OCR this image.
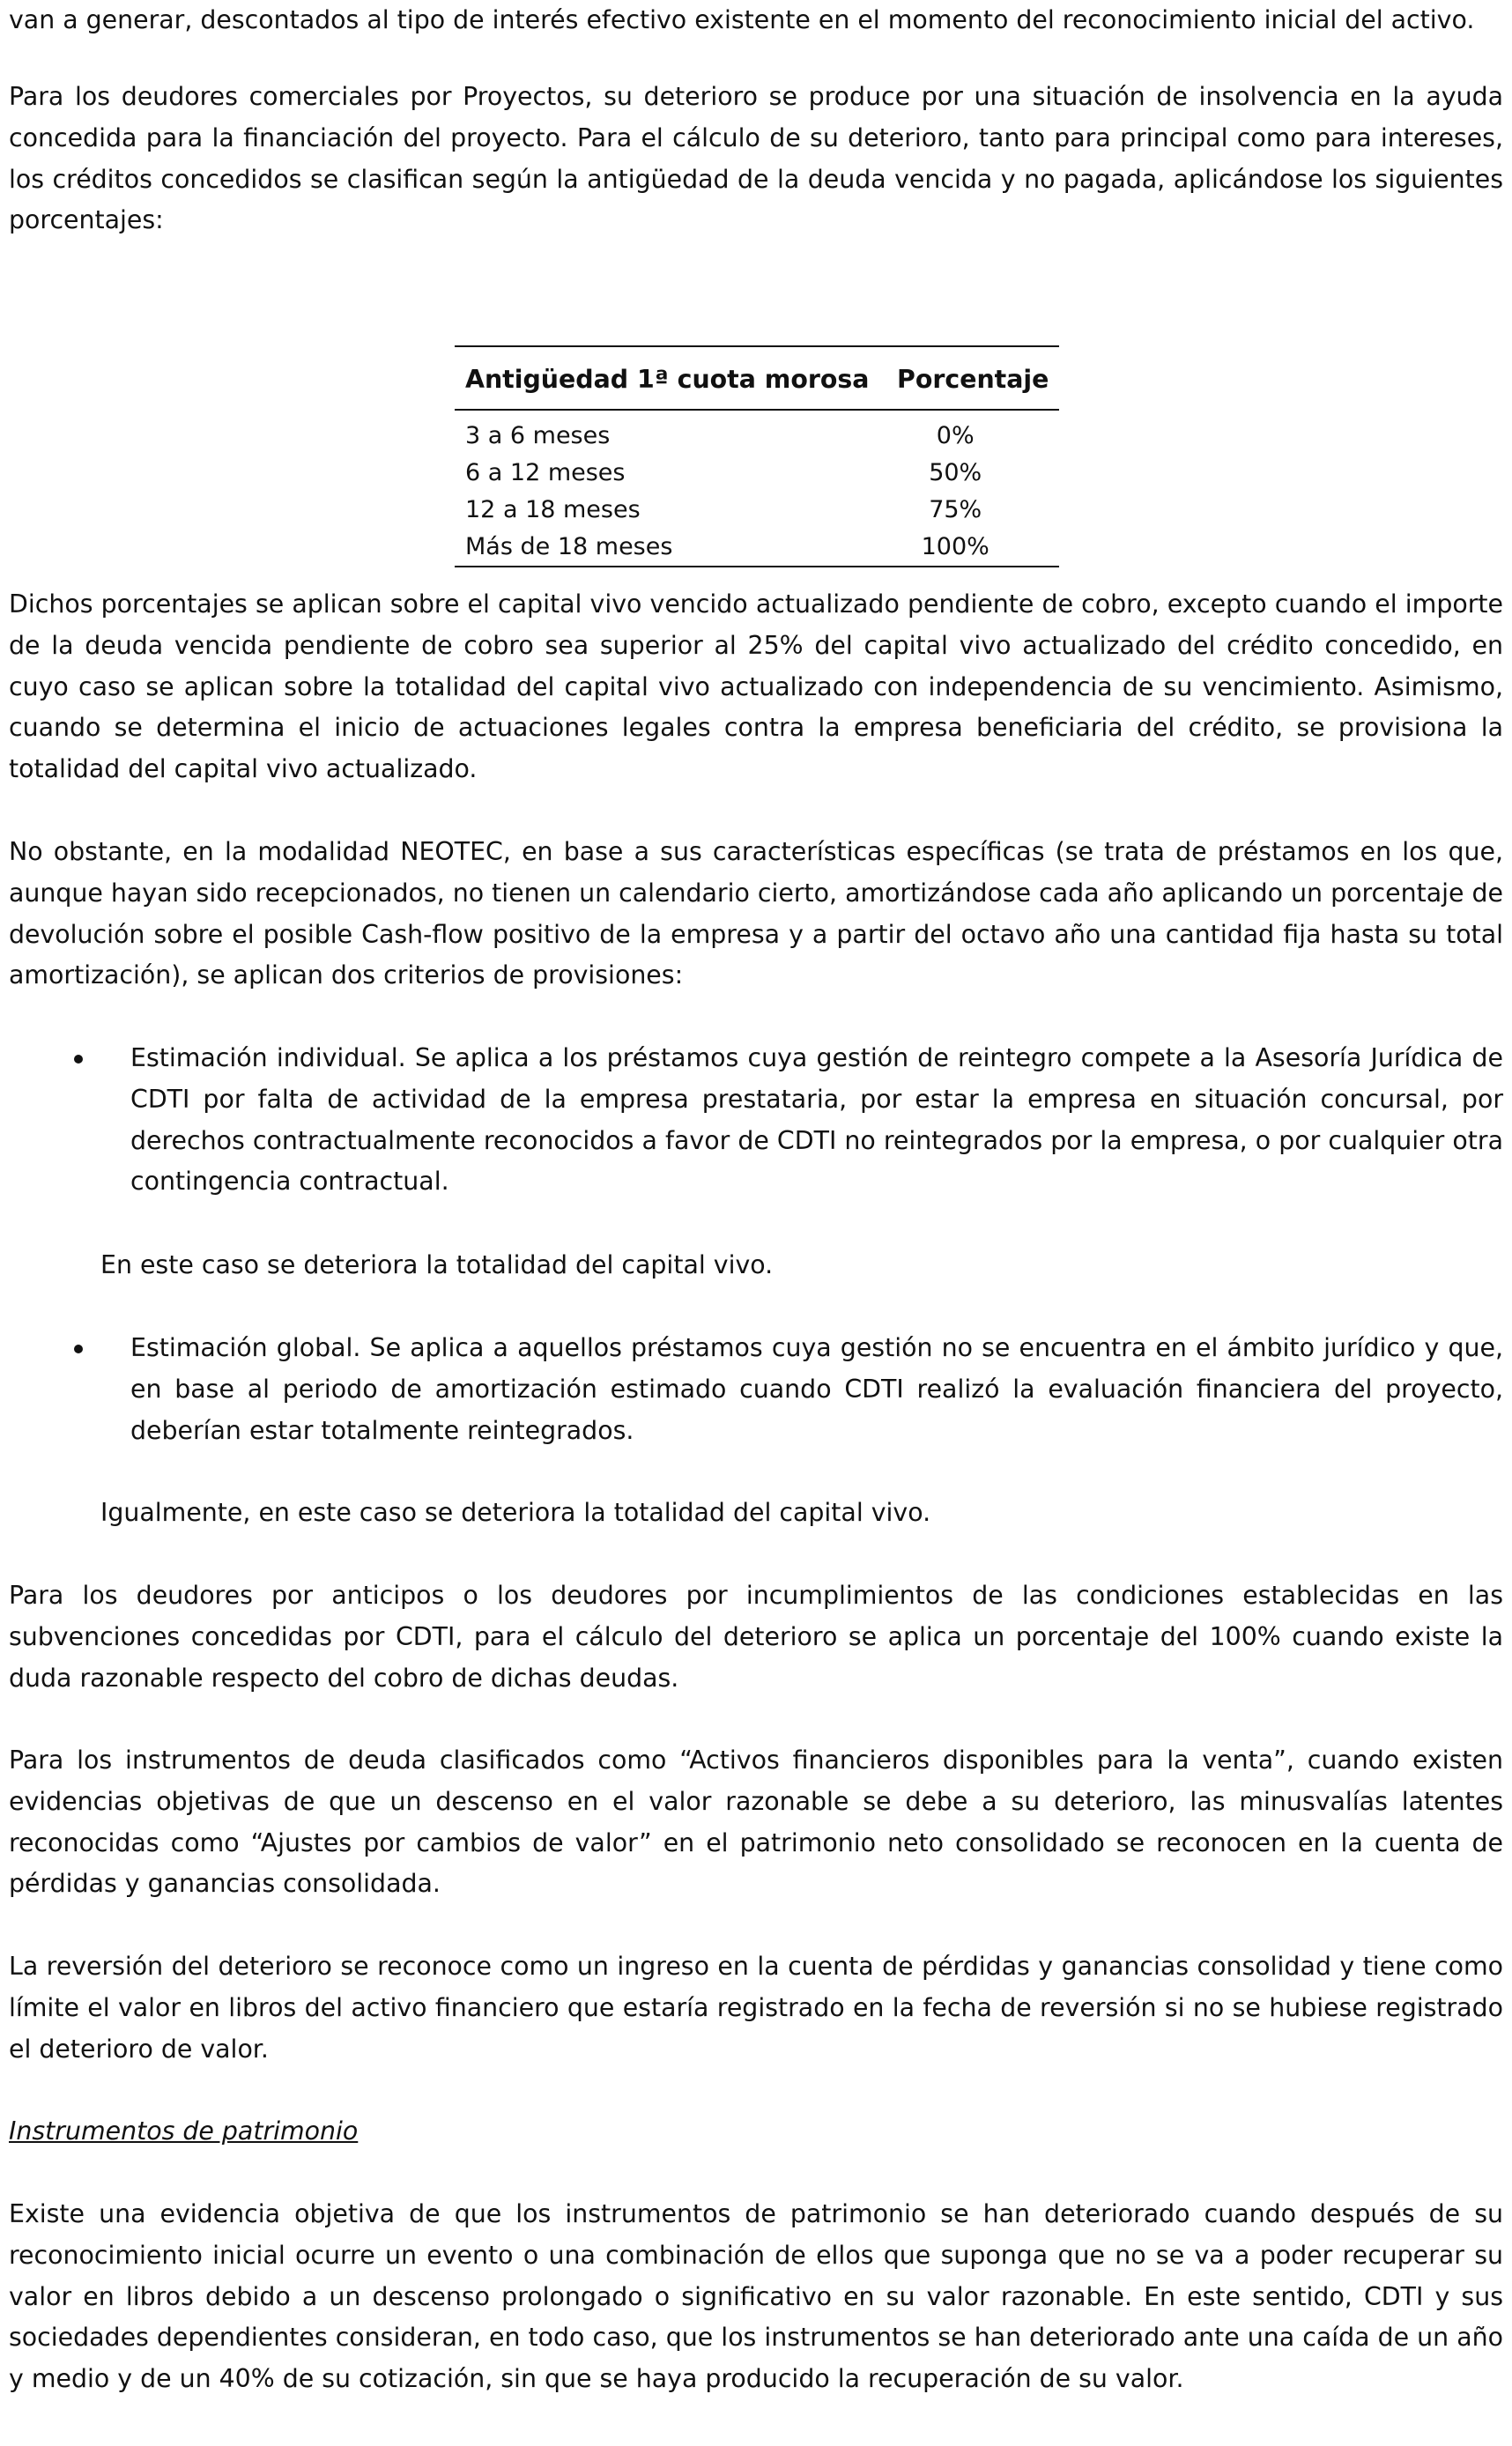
van a generar, descontados al tipo de interés efectivo existente en el momento del reconocimiento inicial del activo.

Para los deudores comerciales por Proyectos, su deterioro se produce por una situación de insolvencia en la ayuda concedida para la financiación del proyecto. Para el cálculo de su deterioro, tanto para principal como para intereses, los créditos concedidos se clasifican según la antigüedad de la deuda vencida y no pagada, aplicándose los siguientes porcentajes:

Antigüedad 1ª cuota morosa	Porcentaje
3 a 6 meses	0%
6 a 12 meses	50%
12 a 18 meses	75%
Más de 18 meses	100%

Dichos porcentajes se aplican sobre el capital vivo vencido actualizado pendiente de cobro, excepto cuando el importe de la deuda vencida pendiente de cobro sea superior al 25% del capital vivo actualizado del crédito concedido, en cuyo caso se aplican sobre la totalidad del capital vivo actualizado con independencia de su vencimiento. Asimismo, cuando se determina el inicio de actuaciones legales contra la empresa beneficiaria del crédito, se provisiona la totalidad del capital vivo actualizado.

No obstante, en la modalidad NEOTEC, en base a sus características específicas (se trata de préstamos en los que, aunque hayan sido recepcionados, no tienen un calendario cierto, amortizándose cada año aplicando un porcentaje de devolución sobre el posible Cash-flow positivo de la empresa y a partir del octavo año una cantidad fija hasta su total amortización), se aplican dos criterios de provisiones:

Estimación individual. Se aplica a los préstamos cuya gestión de reintegro compete a la Asesoría Jurídica de CDTI por falta de actividad de la empresa prestataria, por estar la empresa en situación concursal, por derechos contractualmente reconocidos a favor de CDTI no reintegrados por la empresa, o por cualquier otra contingencia contractual.

En este caso se deteriora la totalidad del capital vivo.

Estimación global. Se aplica a aquellos préstamos cuya gestión no se encuentra en el ámbito jurídico y que, en base al periodo de amortización estimado cuando CDTI realizó la evaluación financiera del proyecto, deberían estar totalmente reintegrados.

Igualmente, en este caso se deteriora la totalidad del capital vivo.

Para los deudores por anticipos o los deudores por incumplimientos de las condiciones establecidas en las subvenciones concedidas por CDTI, para el cálculo del deterioro se aplica un porcentaje del 100% cuando existe la duda razonable respecto del cobro de dichas deudas.

Para los instrumentos de deuda clasificados como “Activos financieros disponibles para la venta”, cuando existen evidencias objetivas de que un descenso en el valor razonable se debe a su deterioro, las minusvalías latentes reconocidas como “Ajustes por cambios de valor” en el patrimonio neto consolidado se reconocen en la cuenta de pérdidas y ganancias consolidada.

La reversión del deterioro se reconoce como un ingreso en la cuenta de pérdidas y ganancias consolidad y tiene como límite el valor en libros del activo financiero que estaría registrado en la fecha de reversión si no se hubiese registrado el deterioro de valor.

Instrumentos de patrimonio

Existe una evidencia objetiva de que los instrumentos de patrimonio se han deteriorado cuando después de su reconocimiento inicial ocurre un evento o una combinación de ellos que suponga que no se va a poder recuperar su valor en libros debido a un descenso prolongado o significativo en su valor razonable. En este sentido, CDTI y sus sociedades dependientes consideran, en todo caso, que los instrumentos se han deteriorado ante una caída de un año y medio y de un 40% de su cotización, sin que se haya producido la recuperación de su valor.
